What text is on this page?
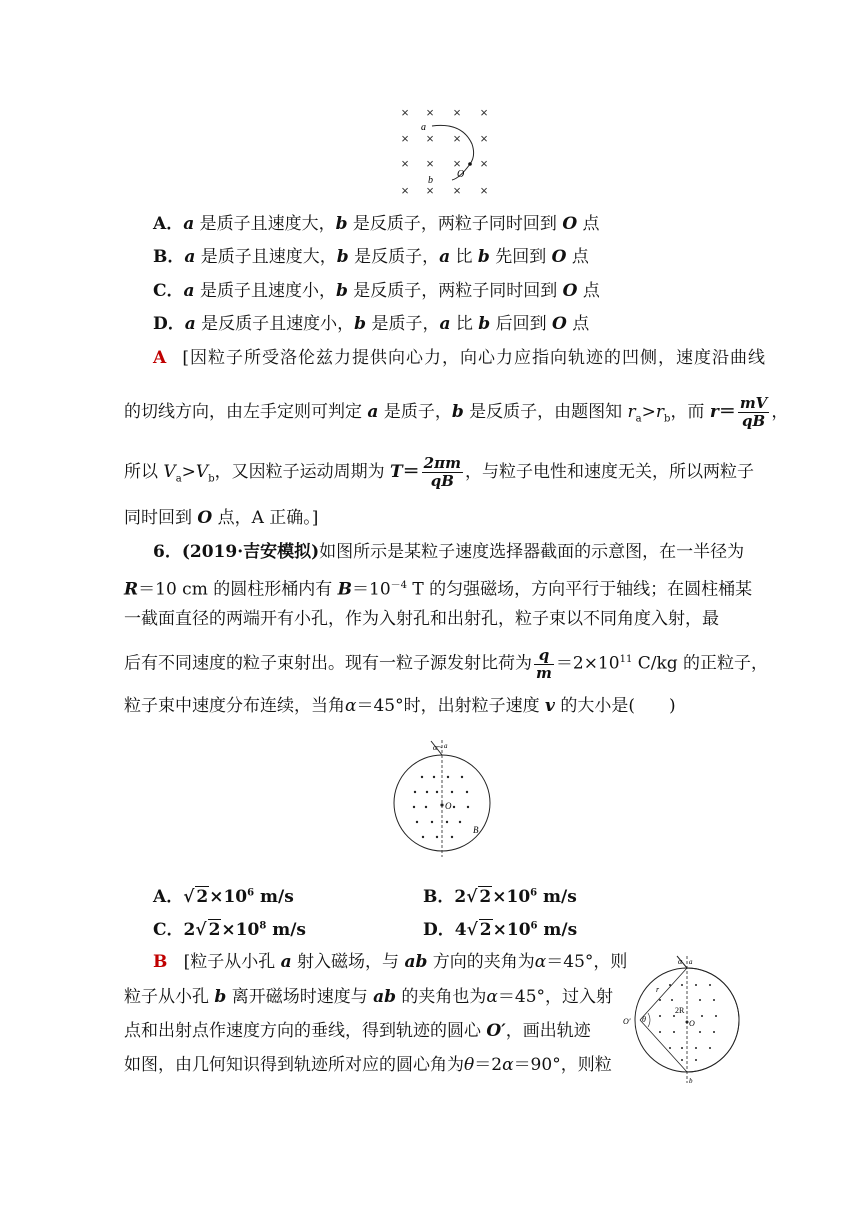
× × × ×
× × × ×
× × × ×
× × × ×
a
b
O
A．a 是质子且速度大，b 是反质子，两粒子同时回到 O 点
B．a 是质子且速度大，b 是反质子，a 比 b 先回到 O 点
C．a 是质子且速度小，b 是反质子，两粒子同时回到 O 点
D．a 是反质子且速度小，b 是质子，a 比 b 后回到 O 点
A [因粒子所受洛伦兹力提供向心力，向心力应指向轨迹的凹侧，速度沿曲线
的切线方向，由左手定则可判定 a 是质子，b 是反质子，由题图知 $r_a>r_b$，而 $r= \frac{mV}{qB}$ ，
所以 $V_a>V_b$，又因粒子运动周期为 $T= \frac{2\pi m}{qB}$ ，与粒子电性和速度无关，所以两粒子
同时回到 O 点，A 正确。]
6．(2019·吉安模拟)如图所示是某粒子速度选择器截面的示意图，在一半径为
R＝10 cm 的圆柱形桶内有 $B=10^{-4}$ T 的匀强磁场，方向平行于轴线；在圆柱桶某
一截面直径的两端开有小孔，作为入射孔和出射孔，粒子束以不同角度入射，最
后有不同速度的粒子束射出。现有一粒子源发射比荷为 $\frac{q}{m} =2\times 10^{11}$ C/kg 的正粒子，
粒子束中速度分布连续，当角α＝45°时，出射粒子速度 v 的大小是(　　)
α a
O
B
A．√ $2\times 10^6$ m/s	B．2√ $2\times 10^6$ m/s
C．2√ $2\times 10^8$ m/s	D．4√ $2\times 10^6$ m/s
B [粒子从小孔 a 射入磁场，与 ab 方向的夹角为α＝45°，则
粒子从小孔 b 离开磁场时速度与 ab 的夹角也为α＝45°，过入射
点和出射点作速度方向的垂线，得到轨迹的圆心 O′，画出轨迹
如图，由几何知识得到轨迹所对应的圆心角为θ＝2α＝90°，则粒
α a
r
2R
O
O′ θ
b
